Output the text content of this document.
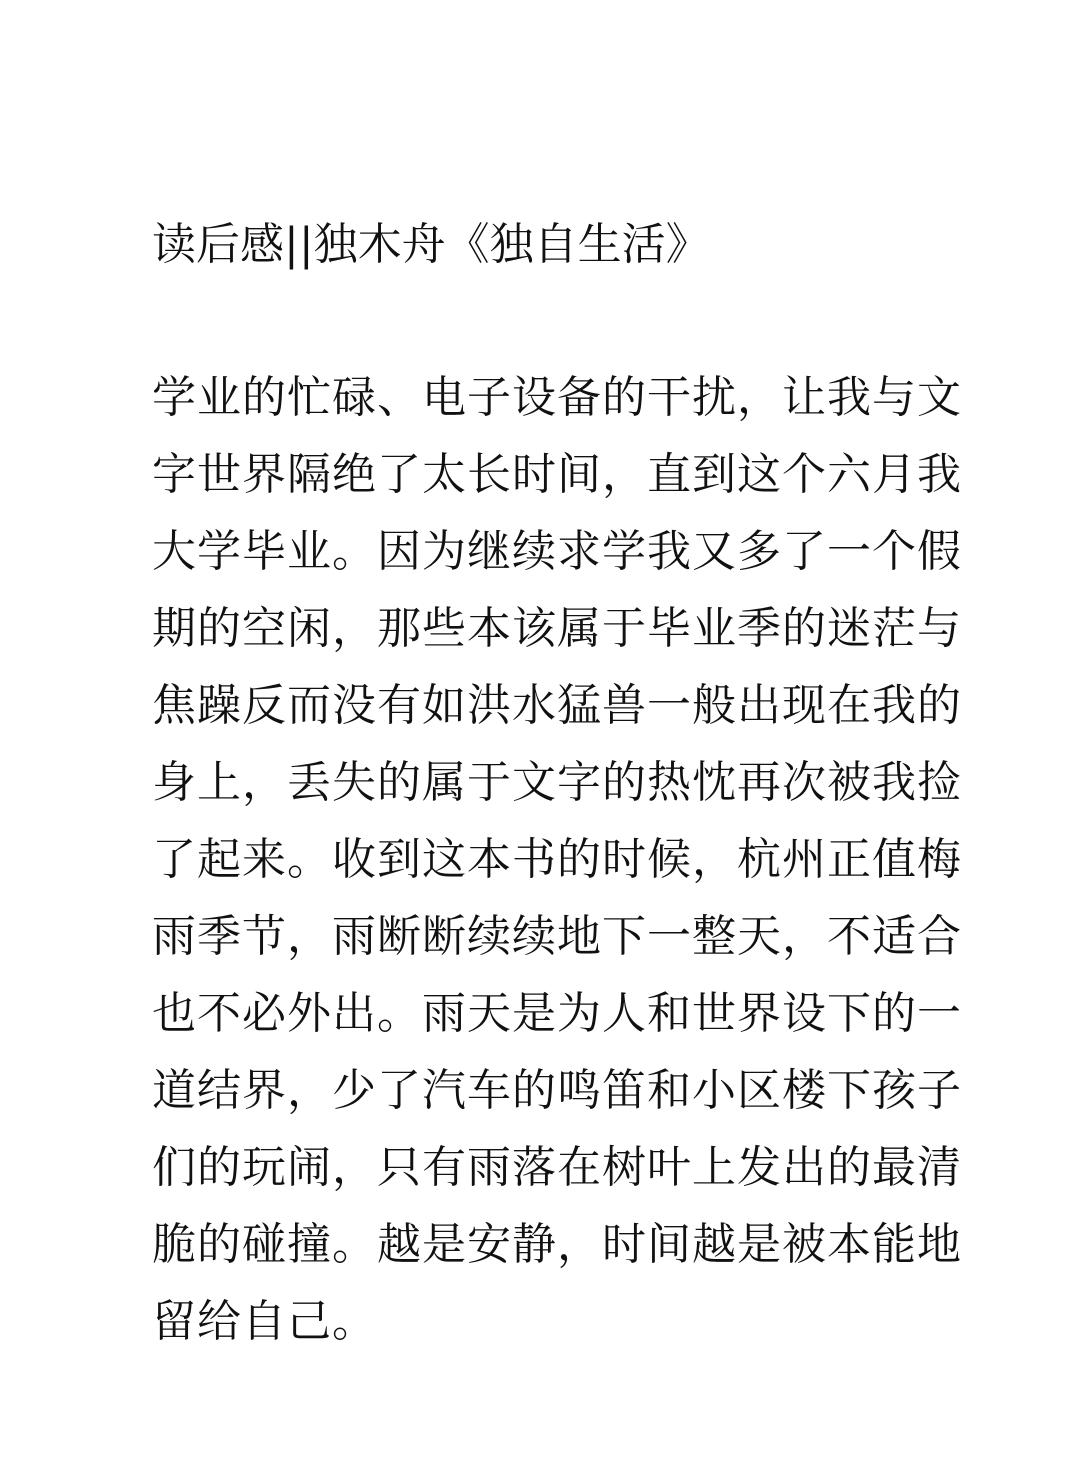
读后感||独木舟《独自生活》
学业的忙碌、电子设备的干扰，让我与文
字世界隔绝了太长时间，直到这个六月我
大学毕业。因为继续求学我又多了一个假
期的空闲，那些本该属于毕业季的迷茫与
焦躁反而没有如洪水猛兽一般出现在我的
身上，丢失的属于文字的热忱再次被我捡
了起来。收到这本书的时候，杭州正值梅
雨季节，雨断断续续地下一整天，不适合
也不必外出。雨天是为人和世界设下的一
道结界，少了汽车的鸣笛和小区楼下孩子
们的玩闹，只有雨落在树叶上发出的最清
脆的碰撞。越是安静，时间越是被本能地
留给自己。
